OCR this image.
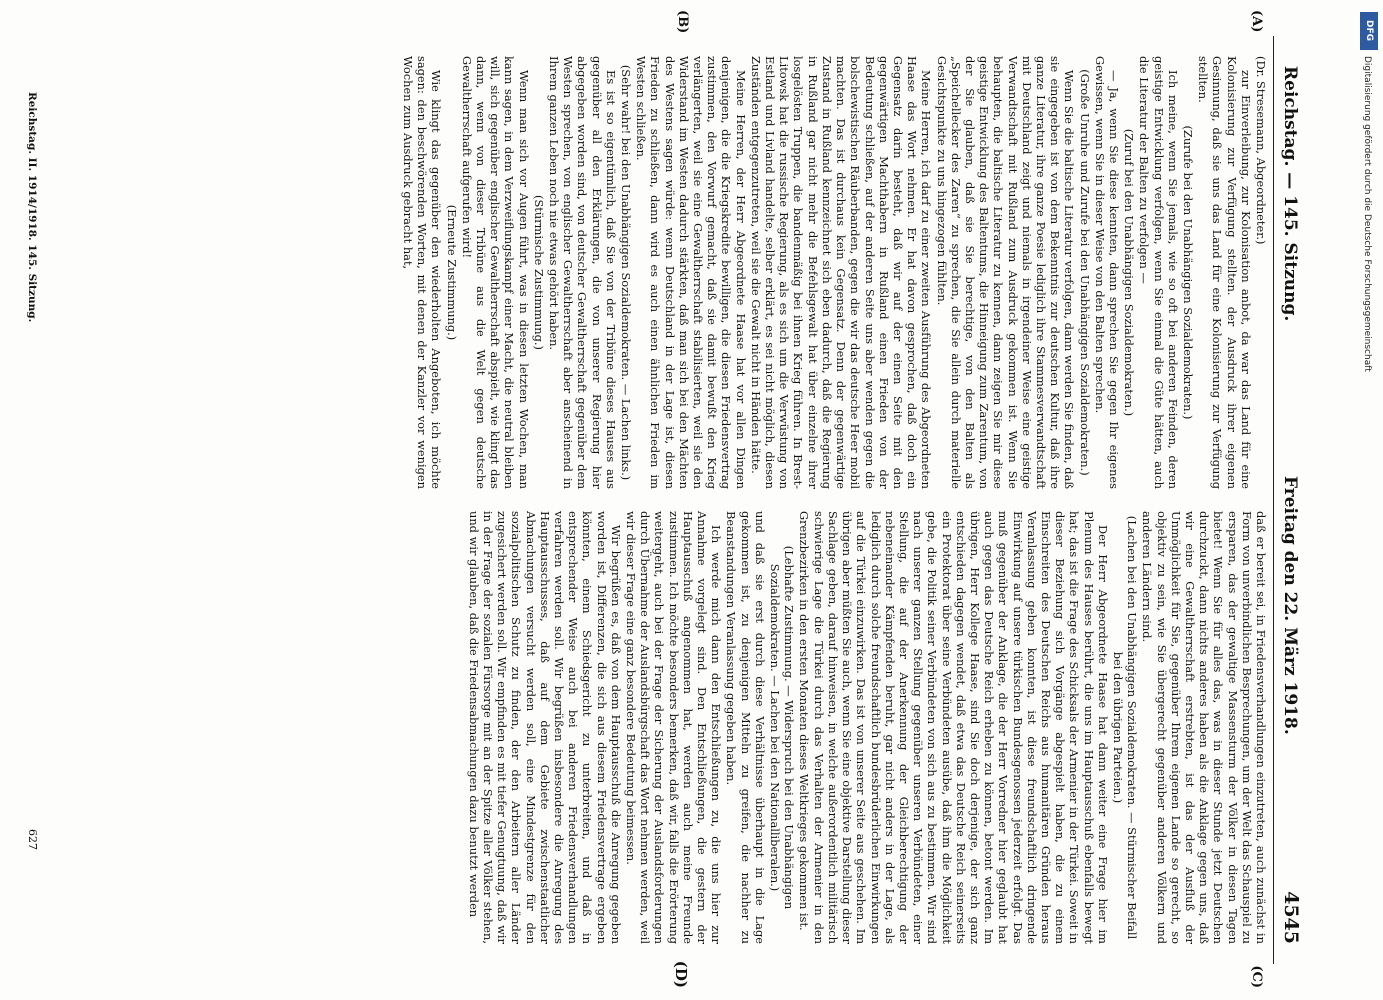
Reichstag. — 145. Sitzung.
Freitag den 22. März 1918.
4545
(A)
(B)
(C)
(D)

(Dr. Stresemann, Abgeordneter.)

zur Einverleibung, zur Kolonisation anbot, da war das Land für eine Kolonisierung zur Verfügung stellten. der Ausdruck ihrer eigenen Gesinnung, daß sie uns das Land für eine Kolonisierung zur Verfügung stellten.

(Zurufe bei den Unabhängigen Sozialdemokraten.)

Ich meine, wenn Sie jemals, wie so oft bei anderen Feinden, deren geistige Entwicklung verfolgen, wenn Sie einmal die Güte hätten, auch die Literatur der Balten zu verfolgen —

(Zuruf bei den Unabhängigen Sozialdemokraten.)

— Ja, wenn Sie diese kennten, dann sprechen Sie gegen Ihr eigenes Gewissen, wenn Sie in dieser Weise von den Balten sprechen.

(Große Unruhe und Zurufe bei den Unabhängigen Sozialdemokraten.)

Wenn Sie die baltische Literatur verfolgen, dann werden Sie finden, daß sie eingegeben ist von dem Bekenntnis zur deutschen Kultur, daß ihre ganze Literatur, ihre ganze Poesie lediglich ihre Stammesverwandtschaft mit Deutschland zeigt und niemals in irgendeiner Weise eine geistige Verwandtschaft mit Rußland zum Ausdruck gekommen ist. Wenn Sie behaupten, die baltische Literatur zu kennen, dann zeigen Sie mir diese geistige Entwicklung des Baltentums, die Hinneigung zum Zarentum, von der Sie glauben, daß sie Sie berechtige, von den Balten als „Speichellecker des Zaren“ zu sprechen, die Sie allein durch materielle Gesichtspunkte zu uns hingezogen fühlten.

Meine Herren, ich darf zu einer zweiten Ausführung des Abgeordneten Haase das Wort nehmen. Er hat davon gesprochen, daß doch ein Gegensatz darin besteht, daß wir auf der einen Seite mit den gegenwärtigen Machthabern in Rußland einen Frieden von der Bedeutung schließen, auf der anderen Seite uns aber wenden gegen die bolschewistischen Räuberbanden, gegen die wir das deutsche Heer mobil machten. Das ist durchaus kein Gegensatz. Denn der gegenwärtige Zustand in Rußland kennzeichnet sich eben dadurch, daß die Regierung in Rußland gar nicht mehr die Befehlsgewalt hat über einzelne ihrer losgelösten Truppen, die bandenmäßig bei ihnen Krieg führen. In Brest-Litowsk hat die russische Regierung, als es sich um die Verwüstung von Estland und Livland handelte, selber erklärt, es sei nicht möglich, diesen Zuständen entgegenzutreten, weil sie die Gewalt nicht in Händen hätte.

Meine Herren, der Herr Abgeordnete Haase hat vor allen Dingen denjenigen, die die Kriegskredite bewilligen, die diesen Friedensvertrag zustimmen, den Vorwurf gemacht, daß sie damit bewußt den Krieg verlängerten, weil sie eine Gewaltherrschaft stabilisierten, weil sie den Widerstand im Westen dadurch stärkten, daß man sich bei den Mächten des Westens sagen würde: wenn Deutschland in der Lage ist, diesen Frieden zu schließen, dann wird es auch einen ähnlichen Frieden im Westen schließen.

(Sehr wahr! bei den Unabhängigen Sozialdemokraten. — Lachen links.)

Es ist so eigentümlich, daß Sie von der Tribüne dieses Hauses aus gegenüber all den Erklärungen, die von unserer Regierung hier abgegeben worden sind, von deutscher Gewaltherrschaft gegenüber dem Westen sprechen, von englischer Gewaltherrschaft aber anscheinend in Ihrem ganzen Leben noch nie etwas gehört haben.

(Stürmische Zustimmung.)

Wenn man sich vor Augen führt, was in diesen letzten Wochen, man kann sagen, in dem Verzweiflungskampf einer Macht, die neutral bleiben will, sich gegenüber englischer Gewaltherrschaft abspielt, wie klingt das dann, wenn von dieser Tribüne aus die Welt gegen deutsche Gewaltherrschaft aufgerufen wird!

(Erneute Zustimmung.)

Wie klingt das gegenüber den wiederholten Angeboten, ich möchte sagen: den beschwörenden Worten, mit denen der Kanzler vor wenigen Wochen zum Ausdruck gebracht hat,

daß er bereit sei, in Friedensverhandlungen einzutreten, auch zunächst in Form von unverbindlichen Besprechungen, um der Welt das Schauspiel zu ersparen, das der gewaltige Massensturm der Völker in diesen Tagen bietet! Wenn Sie für alles das, was in dieser Stunde jetzt Deutschen durchzuckt, dann nichts anderes haben als die Anklage gegen uns, daß wir eine Gewaltherrschaft erstrebten, ist das der Ausfluß der Unmöglichkeit für Sie, gegenüber Ihrem eigenen Lande so gerecht, so objektiv zu sein, wie Sie übergerecht gegenüber anderen Völkern und anderen Ländern sind.

(Lachen bei den Unabhängigen Sozialdemokraten. — Stürmischer Beifall bei den übrigen Parteien.)

Der Herr Abgeordnete Haase hat dann weiter eine Frage hier im Plenum des Hauses berührt, die uns im Hauptausschuß ebenfalls bewegt hat; das ist die Frage des Schicksals der Armenier in der Türkei. Soweit in dieser Beziehung sich Vorgänge abgespielt haben, die zu einem Einschreiten des Deutschen Reichs aus humanitären Gründen heraus Veranlassung geben konnten, ist diese freundschaftlich dringende Einwirkung auf unsere türkischen Bundesgenossen jederzeit erfolgt. Das muß gegenüber der Anklage, die der Herr Vorredner hier geglaubt hat auch gegen das Deutsche Reich erheben zu können, betont werden. Im übrigen, Herr Kollege Haase, sind Sie doch derjenige, der sich ganz entschieden dagegen wendet, daß etwa das Deutsche Reich seinerseits ein Protektorat über seine Verbündeten ausübe, daß ihm die Möglichkeit gebe, die Politik seiner Verbündeten von sich aus zu bestimmen. Wir sind nach unserer ganzen Stellung gegenüber unseren Verbündeten, einer Stellung, die auf der Anerkennung der Gleichberechtigung der nebeneinander Kämpfenden beruht, gar nicht anders in der Lage, als lediglich durch solche freundschaftlich bundesbrüderlichen Einwirkungen auf die Türkei einzuwirken. Das ist von unserer Seite aus geschehen. Im übrigen aber müßten Sie auch, wenn Sie eine objektive Darstellung dieser Sachlage geben, darauf hinweisen, in welche außerordentlich militärisch schwierige Lage die Türkei durch das Verhalten der Armenier in den Grenzbezirken in den ersten Monaten dieses Weltkrieges gekommen ist.

(Lebhafte Zustimmung. — Widerspruch bei den Unabhängigen Sozialdemokraten. — Lachen bei den Nationalliberalen.)

und daß sie erst durch diese Verhältnisse überhaupt in die Lage gekommen ist, zu denjenigen Mitteln zu greifen, die nachher zu Beanstandungen Veranlassung gegeben haben.

Ich werde mich dann den Entschließungen zu, die uns hier zur Annahme vorgelegt sind. Den Entschließungen, die gestern der Hauptausschuß angenommen hat, werden auch meine Freunde zustimmen. Ich möchte besonders bemerken, daß wir, falls die Erörterung weitergeht, auch bei der Frage der Sicherung der Auslandsforderungen durch Übernahme der Auslandsbürgschaft das Wort nehmen werden, weil wir dieser Frage eine ganz besondere Bedeutung beimessen.

Wir begrüßen es, daß von dem Hauptausschuß die Anregung gegeben worden ist, Differenzen, die sich aus diesem Friedensvertrage ergeben könnten, einem Schiedsgericht zu unterbreiten, und daß in entsprechender Weise auch bei anderen Friedensverhandlungen verfahren werden soll. Wir begrüßen insbesondere die Anregung des Hauptausschusses, daß auf dem Gebiete zwischenstaatlicher Abmachungen versucht werden soll, eine Mindestgrenze für den sozialpolitischen Schutz zu finden, der den Arbeitern aller Länder zugesichert werden soll. Wir empfinden es mit tiefer Genugtuung, daß wir in der Frage der sozialen Fürsorge mit an der Spitze aller Völker stehen, und wir glauben, daß die Friedensabmachungen dazu benutzt werden

Reichstag. II. 1914/1918. 145. Sitzung.
627
DFG
Digitalisierung gefördert durch die Deutsche Forschungsgemeinschaft
